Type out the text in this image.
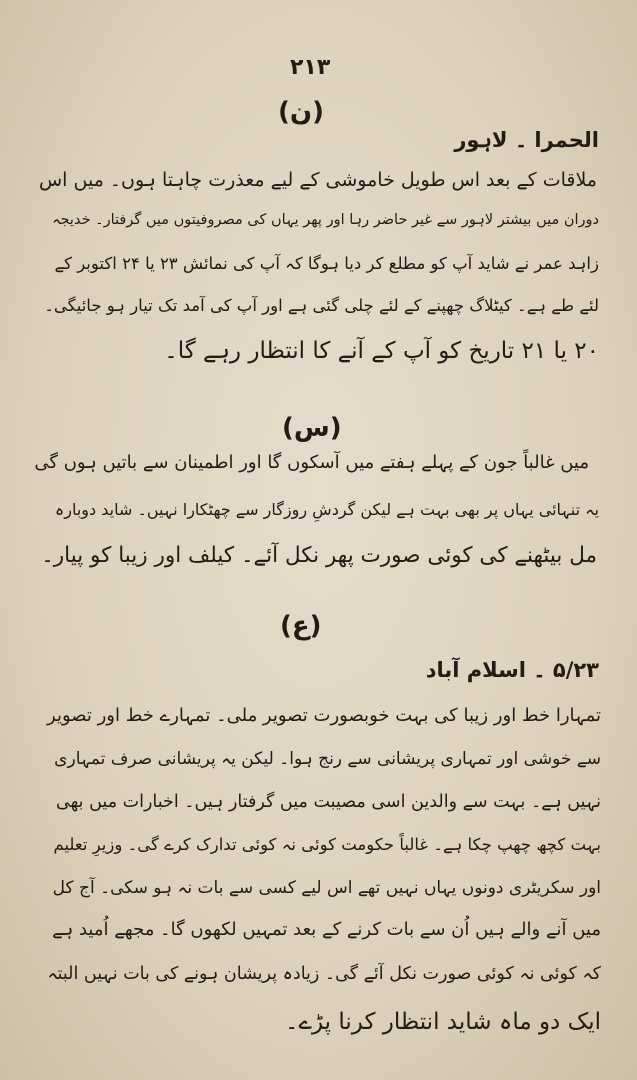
۲۱۳
(ن)
الحمرا ۔ لاہور
ملاقات کے بعد اس طویل خاموشی کے لیے معذرت چاہتا ہوں۔ میں اس
دوران میں بیشتر لاہور سے غیر حاضر رہا اور پھر یہاں کی مصروفیتوں میں گرفتار۔ خدیجہ
زاہد عمر نے شاید آپ کو مطلع کر دیا ہوگا کہ آپ کی نمائش ۲۳ یا ۲۴ اکتوبر کے
لئے طے ہے۔ کیٹلاگ چھپنے کے لئے چلی گئی ہے اور آپ کی آمد تک تیار ہو جائیگی۔
۲۰ یا ۲۱ تاریخ کو آپ کے آنے کا انتظار رہے گا۔
(س)
میں غالباً جون کے پہلے ہفتے میں آسکوں گا اور اطمینان سے باتیں ہوں گی
یہ تنہائی یہاں پر بھی بہت ہے لیکن گردشِ روزگار سے چھٹکارا نہیں۔ شاید دوبارہ
مل بیٹھنے کی کوئی صورت پھر نکل آئے۔ کیلف اور زیبا کو پیار۔
(ع)
۵/۲۳ ۔ اسلام آباد
تمہارا خط اور زیبا کی بہت خوبصورت تصویر ملی۔ تمہارے خط اور تصویر
سے خوشی اور تمہاری پریشانی سے رنج ہوا۔ لیکن یہ پریشانی صرف تمہاری
نہیں ہے۔ بہت سے والدین اسی مصیبت میں گرفتار ہیں۔ اخبارات میں بھی
بہت کچھ چھپ چکا ہے۔ غالباً حکومت کوئی نہ کوئی تدارک کرے گی۔ وزیرِ تعلیم
اور سکریٹری دونوں یہاں نہیں تھے اس لیے کسی سے بات نہ ہو سکی۔ آج کل
میں آنے والے ہیں اُن سے بات کرنے کے بعد تمہیں لکھوں گا۔ مجھے اُمید ہے
کہ کوئی نہ کوئی صورت نکل آئے گی۔ زیادہ پریشان ہونے کی بات نہیں البتہ
ایک دو ماہ شاید انتظار کرنا پڑے۔
